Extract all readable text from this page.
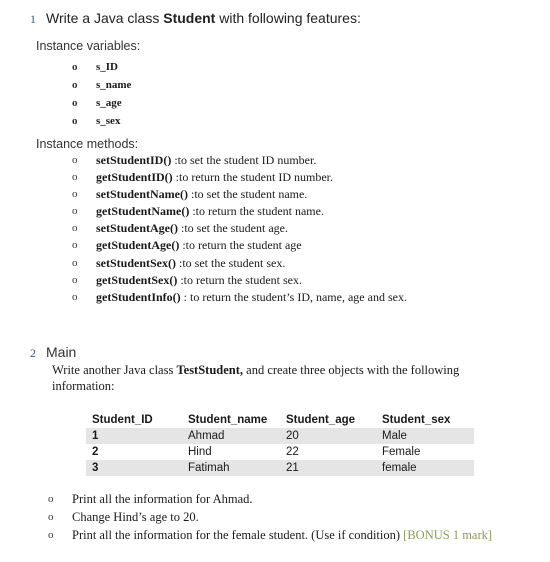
1 Write a Java class Student with following features:
Instance variables:
o s_ID
o s_name
o s_age
o s_sex
Instance methods:
o setStudentID() :to set the student ID number.
o getStudentID() :to return the student ID number.
o setStudentName() :to set the student name.
o getStudentName() :to return the student name.
o setStudentAge() :to set the student age.
o getStudentAge() :to return the student age
o setStudentSex() :to set the student sex.
o getStudentSex() :to return the student sex.
o getStudentInfo() : to return the student’s ID, name, age and sex.
2 Main
Write another Java class TestStudent, and create three objects with the following information:
Student_ID	Student_name	Student_age	Student_sex
1	Ahmad	20	Male
2	Hind	22	Female
3	Fatimah	21	female
o Print all the information for Ahmad.
o Change Hind’s age to 20.
o Print all the information for the female student. (Use if condition) [BONUS 1 mark]
